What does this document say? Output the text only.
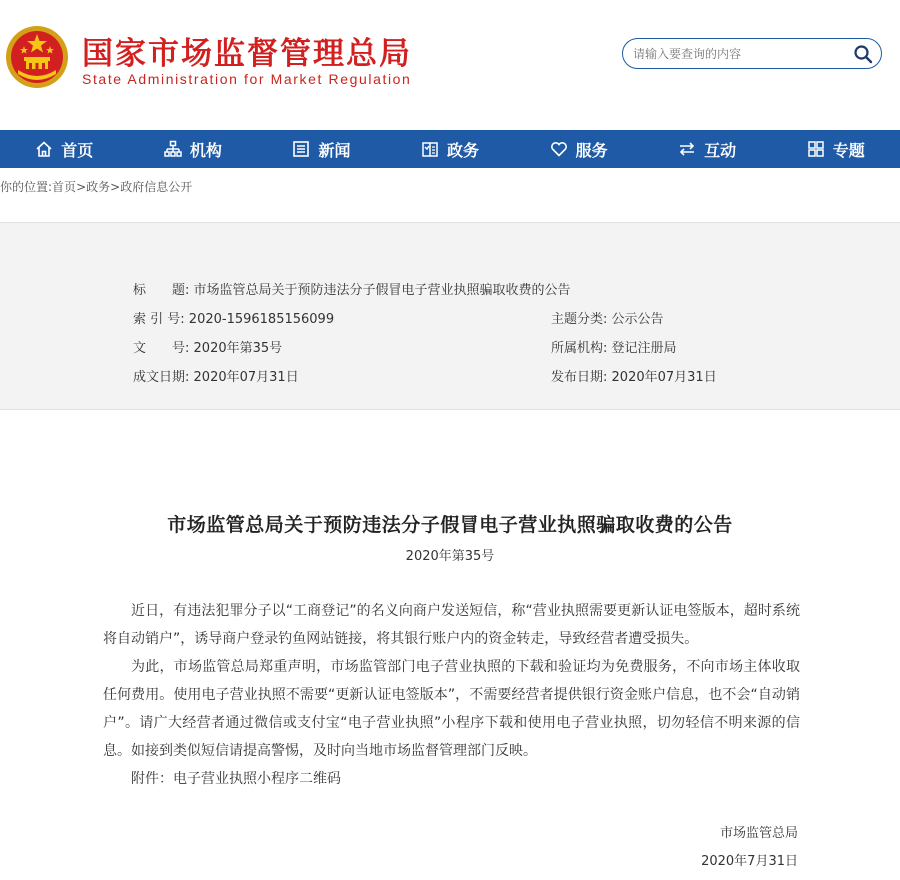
国家市场监督管理总局
State Administration for Market Regulation
请输入要查询的内容
首页	机构	新闻	政务	服务	互动	专题
你的位置:首页>政务>政府信息公开
标　　题: 市场监管总局关于预防违法分子假冒电子营业执照骗取收费的公告
索 引 号: 2020-1596185156099	主题分类: 公示公告
文　　号: 2020年第35号	所属机构: 登记注册局
成文日期: 2020年07月31日	发布日期: 2020年07月31日
市场监管总局关于预防违法分子假冒电子营业执照骗取收费的公告
2020年第35号

近日，有违法犯罪分子以“工商登记”的名义向商户发送短信，称“营业执照需要更新认证电签版本，超时系统将自动销户”，诱导商户登录钓鱼网站链接，将其银行账户内的资金转走，导致经营者遭受损失。

为此，市场监管总局郑重声明，市场监管部门电子营业执照的下载和验证均为免费服务，不向市场主体收取任何费用。使用电子营业执照不需要“更新认证电签版本”，不需要经营者提供银行资金账户信息，也不会“自动销户”。请广大经营者通过微信或支付宝“电子营业执照”小程序下载和使用电子营业执照，切勿轻信不明来源的信息。如接到类似短信请提高警惕，及时向当地市场监督管理部门反映。

附件：电子营业执照小程序二维码

市场监管总局
2020年7月31日
